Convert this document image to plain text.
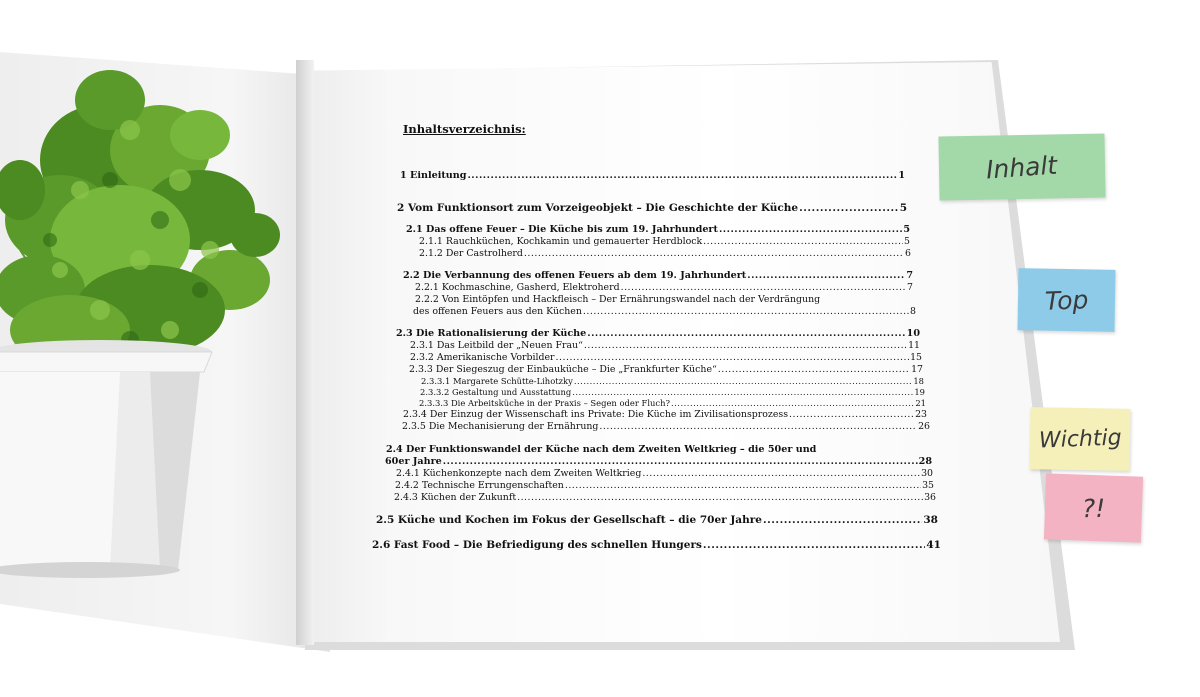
Inhaltsverzeichnis:
1 Einleitung .....	1
2 Vom Funktionsort zum Vorzeigeobjekt – Die Geschichte der Küche .....	5
2.1 Das offene Feuer – Die Küche bis zum 19. Jahrhundert .....	5
2.1.1 Rauchküchen, Kochkamin und gemauerter Herdblock .....	5
2.1.2 Der Castrolherd .....	6
2.2 Die Verbannung des offenen Feuers ab dem 19. Jahrhundert .....	7
2.2.1 Kochmaschine, Gasherd, Elektroherd .....	7
2.2.2 Von Eintöpfen und Hackfleisch – Der Ernährungswandel nach der Verdrängung
des offenen Feuers aus den Küchen .....	8
2.3 Die Rationalisierung der Küche .....	10
2.3.1 Das Leitbild der „Neuen Frau“ .....	11
2.3.2 Amerikanische Vorbilder .....	15
2.3.3 Der Siegeszug der Einbauküche – Die „Frankfurter Küche“ .....	17
2.3.3.1 Margarete Schütte-Lihotzky .....	18
2.3.3.2 Gestaltung und Ausstattung .....	19
2.3.3.3 Die Arbeitsküche in der Praxis – Segen oder Fluch? .....	21
2.3.4 Der Einzug der Wissenschaft ins Private: Die Küche im Zivilisationsprozess .....	23
2.3.5 Die Mechanisierung der Ernährung .....	26
2.4 Der Funktionswandel der Küche nach dem Zweiten Weltkrieg – die 50er und
60er Jahre .....	28
2.4.1 Küchenkonzepte nach dem Zweiten Weltkrieg .....	30
2.4.2 Technische Errungenschaften .....	35
2.4.3 Küchen der Zukunft .....	36
2.5 Küche und Kochen im Fokus der Gesellschaft – die 70er Jahre .....	38
2.6 Fast Food – Die Befriedigung des schnellen Hungers .....	41
Inhalt
Top
Wichtig
?!
